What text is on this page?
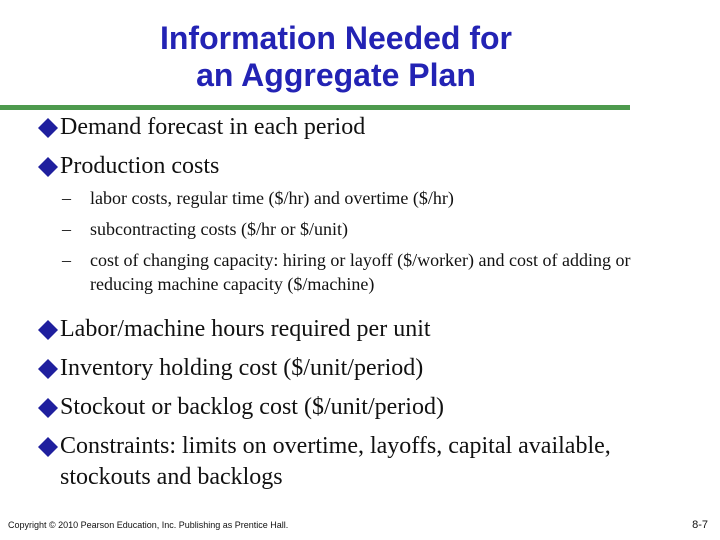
Information Needed for
an Aggregate Plan
Demand forecast in each period
Production costs
– labor costs, regular time ($/hr) and overtime ($/hr)
– subcontracting costs ($/hr or $/unit)
– cost of changing capacity: hiring or layoff ($/worker) and cost of adding or reducing machine capacity ($/machine)
Labor/machine hours required per unit
Inventory holding cost ($/unit/period)
Stockout or backlog cost ($/unit/period)
Constraints: limits on overtime, layoffs, capital available, stockouts and backlogs
Copyright © 2010 Pearson Education, Inc. Publishing as Prentice Hall.	8-7
